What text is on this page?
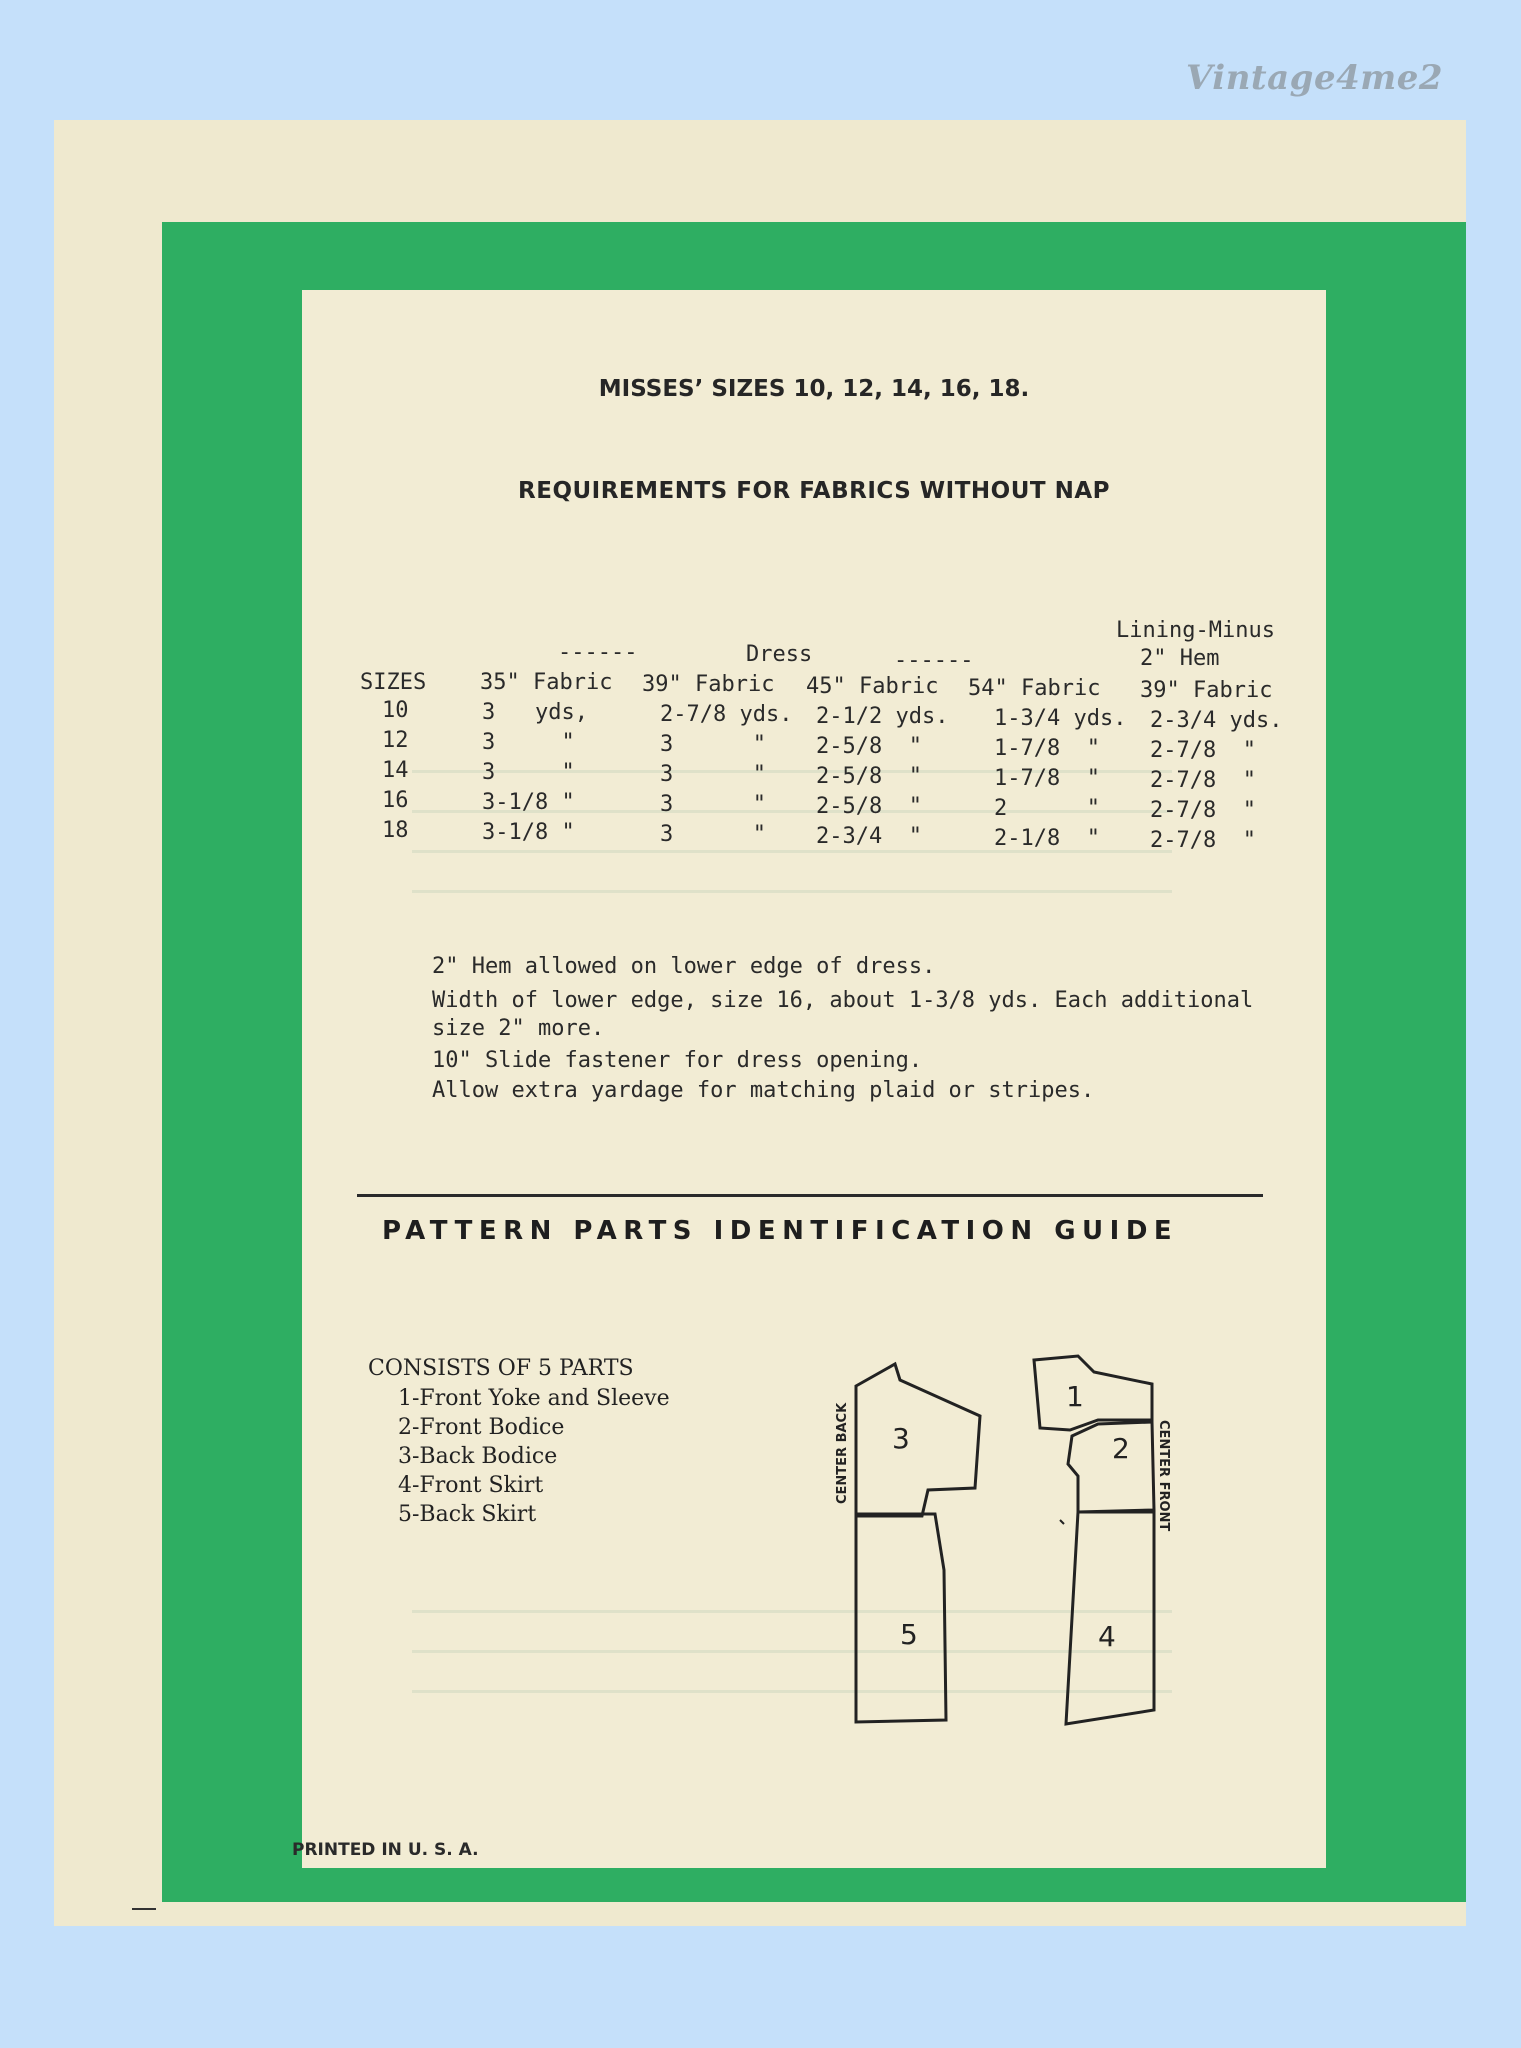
Vintage4me2
MISSES’ SIZES 10, 12, 14, 16, 18.
REQUIREMENTS FOR FABRICS WITHOUT NAP
------	Dress	------
Lining-Minus
2" Hem
SIZES 35" Fabric 39" Fabric 45" Fabric 54" Fabric 39" Fabric
10	3   yds,	2-7/8 yds. 2-1/2 yds. 1-3/4 yds. 2-3/4 yds.
12	3     "	3      " 2-5/8  "	1-7/8  " 2-7/8  "
14	3     "	3      " 2-5/8  "	1-7/8  " 2-7/8  "
16	3-1/8 "	3      " 2-5/8  "	2      " 2-7/8  "
18	3-1/8 "	3      " 2-3/4  "	2-1/8  " 2-7/8  "
2" Hem allowed on lower edge of dress.
Width of lower edge, size 16, about 1-3/8 yds. Each additional
size 2" more.
10" Slide fastener for dress opening.
Allow extra yardage for matching plaid or stripes.
PATTERN PARTS IDENTIFICATION GUIDE
CONSISTS OF 5 PARTS
1-Front Yoke and Sleeve
2-Front Bodice
3-Back Bodice
4-Front Skirt
5-Back Skirt
3
5
1
2
4
CENTER BACK	CENTER FRONT
PRINTED IN U. S. A.
